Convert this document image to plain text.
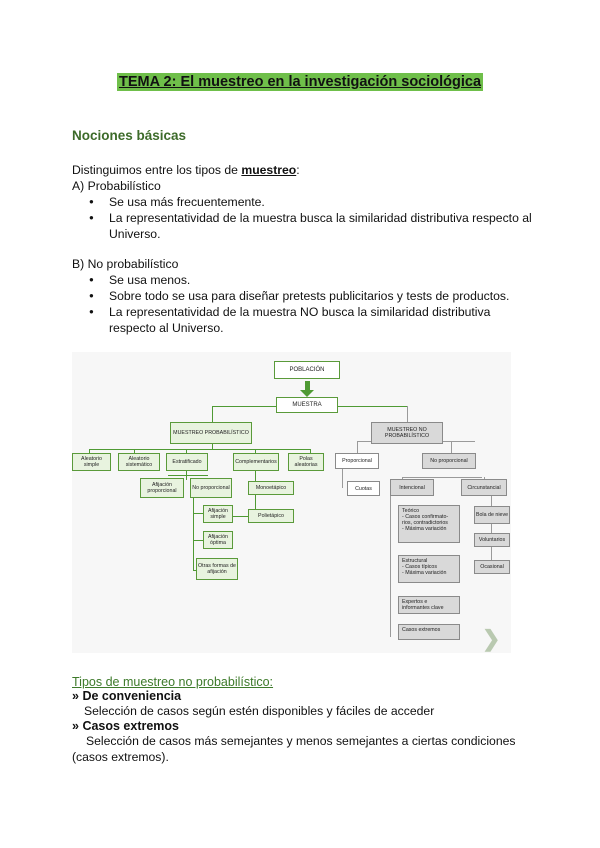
TEMA 2: El muestreo en la investigación sociológica
Nociones básicas
Distinguimos entre los tipos de muestreo:
A) Probabilístico
● Se usa más frecuentemente.
● La representatividad de la muestra busca la similaridad distributiva respecto al Universo.
B) No probabilístico
● Se usa menos.
● Sobre todo se usa para diseñar pretests publicitarios y tests de productos.
● La representatividad de la muestra NO busca la similaridad distributiva respecto al Universo.
POBLACIÓN
MUESTRA
MUESTREO PROBABILÍSTICO	MUESTREO NO PROBABILÍSTICO
Aleatorio simple
Aleatorio sistemático	Estratificado	Complementarios	Polas aleatorias
Afijación proporcional	No proporcional	Monoetápico
Afijación simple	Polietápico
Afijación óptima
Otras formas de afijación
Proporcional	No proporcional
Cuotas	Intencional	Circunstancial
Teórico
- Casos confirmato-
rios, contradictorios
- Máxima variación
Estructural
- Casos típicos
- Máxima variación
Expertos e informantes clave
Casos extremos
Bola de nieve
Voluntarios
Ocasional
❯
Tipos de muestreo no probabilístico:
» De conveniencia
Selección de casos según estén disponibles y fáciles de acceder
» Casos extremos
Selección de casos más semejantes y menos semejantes a ciertas condiciones (casos extremos).
